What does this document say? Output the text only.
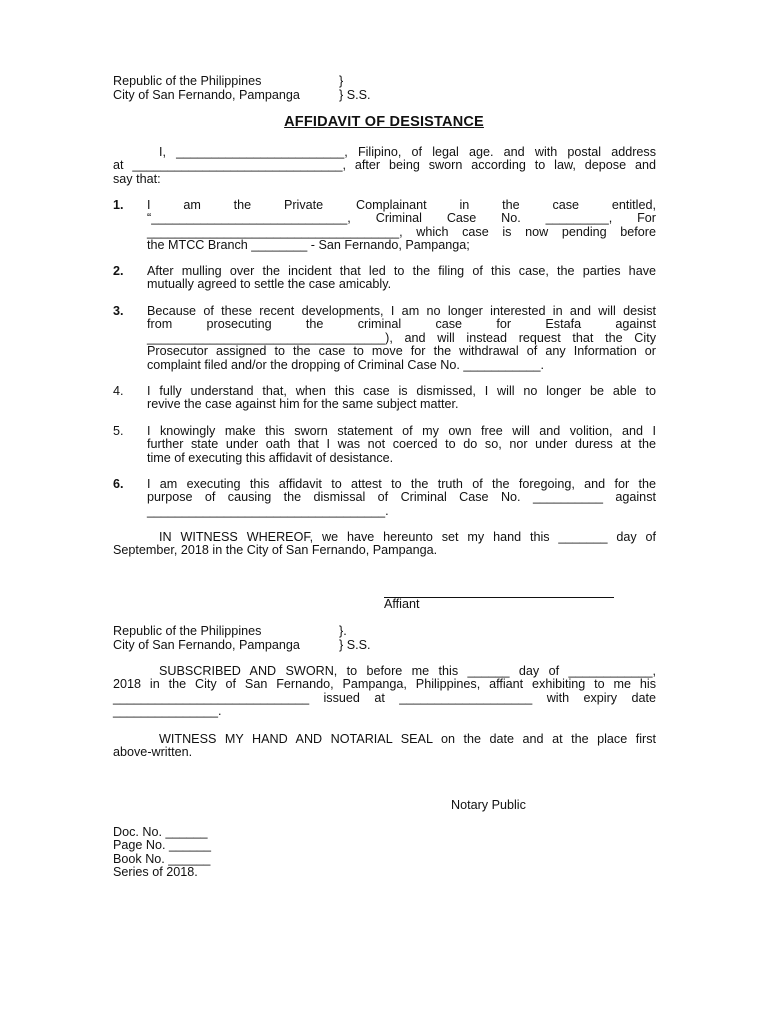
Republic of the Philippines	}
City of San Fernando, Pampanga	} S.S.
AFFIDAVIT OF DESISTANCE
I, ________________________, Filipino, of legal age. and with postal address
at ______________________________, after being sworn according to law, depose and
say that:
1.	I am the Private Complainant in the case entitled,
“____________________________, Criminal Case No. _________, For
____________________________________, which case is now pending before
the MTCC Branch ________ - San Fernando, Pampanga;
2.	After mulling over the incident that led to the filing of this case, the parties have
mutually agreed to settle the case amicably.
3.	Because of these recent developments, I am no longer interested in and will desist
from prosecuting the criminal case for Estafa against
__________________________________), and will instead request that the City
Prosecutor assigned to the case to move for the withdrawal of any Information or
complaint filed and/or the dropping of Criminal Case No. ___________.
4.	I fully understand that, when this case is dismissed, I will no longer be able to
revive the case against him for the same subject matter.
5.	I knowingly make this sworn statement of my own free will and volition, and I
further state under oath that I was not coerced to do so, nor under duress at the
time of executing this affidavit of desistance.
6.	I am executing this affidavit to attest to the truth of the foregoing, and for the
purpose of causing the dismissal of Criminal Case No. __________ against
__________________________________.
IN WITNESS WHEREOF, we have hereunto set my hand this _______ day of
September, 2018 in the City of San Fernando, Pampanga.
Affiant
Republic of the Philippines	}.
City of San Fernando, Pampanga	} S.S.
SUBSCRIBED AND SWORN, to before me this ______ day of ____________,
2018 in the City of San Fernando, Pampanga, Philippines, affiant exhibiting to me his
____________________________ issued at ___________________ with expiry date
_______________.
WITNESS MY HAND AND NOTARIAL SEAL on the date and at the place first
above-written.
Notary Public
Doc. No. ______
Page No. ______
Book No. ______
Series of 2018.
